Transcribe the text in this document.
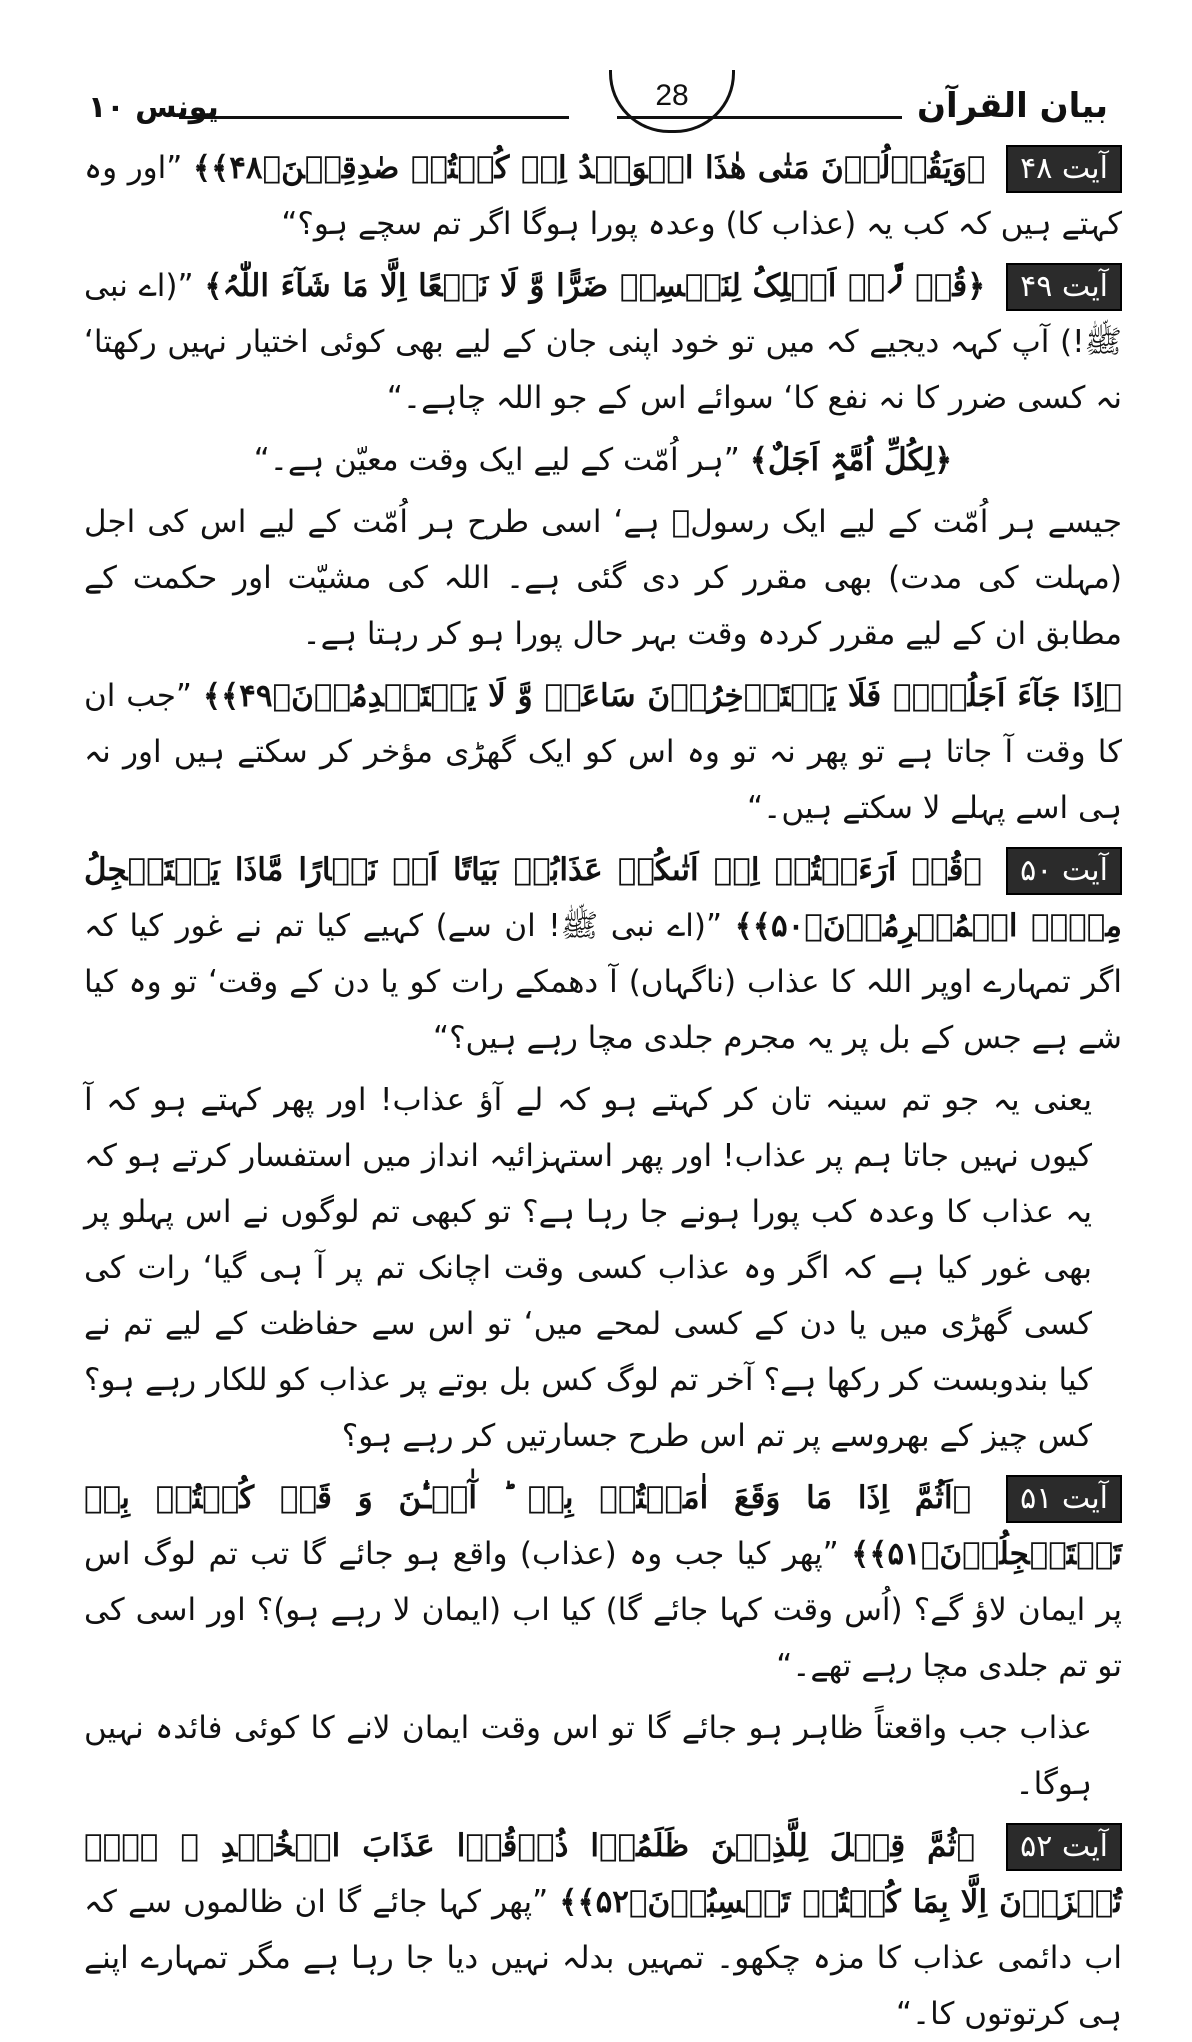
بیان القرآن
28
یونس ۱۰

آیت ۴۸ ﴿وَیَقُوۡلُوۡنَ مَتٰی ھٰذَا الۡوَعۡدُ اِنۡ کُنۡتُمۡ صٰدِقِیۡنَ﴿۴۸﴾﴾ ”اور وہ کہتے ہیں کہ کب یہ (عذاب کا) وعدہ پورا ہوگا اگر تم سچے ہو؟“

آیت ۴۹ ﴿قُلۡ لَّاۤ اَمۡلِکُ لِنَفۡسِیۡ ضَرًّا وَّ لَا نَفۡعًا اِلَّا مَا شَآءَ اللّٰہُ﴾ ”(اے نبی ﷺ!) آپ کہہ دیجیے کہ میں تو خود اپنی جان کے لیے بھی کوئی اختیار نہیں رکھتا‘ نہ کسی ضرر کا نہ نفع کا‘ سوائے اس کے جو اللہ چاہے۔“

﴿لِکُلِّ اُمَّۃٍ اَجَلٌ﴾ ”ہر اُمّت کے لیے ایک وقت معیّن ہے۔“

جیسے ہر اُمّت کے لیے ایک رسولؐ ہے‘ اسی طرح ہر اُمّت کے لیے اس کی اجل (مہلت کی مدت) بھی مقرر کر دی گئی ہے۔ اللہ کی مشیّت اور حکمت کے مطابق ان کے لیے مقرر کردہ وقت بہر حال پورا ہو کر رہتا ہے۔

﴿اِذَا جَآءَ اَجَلُہُمۡ فَلَا یَسۡتَاۡخِرُوۡنَ سَاعَۃً وَّ لَا یَسۡتَقۡدِمُوۡنَ﴿۴۹﴾﴾ ”جب ان کا وقت آ جاتا ہے تو پھر نہ تو وہ اس کو ایک گھڑی مؤخر کر سکتے ہیں اور نہ ہی اسے پہلے لا سکتے ہیں۔“

آیت ۵۰ ﴿قُلۡ اَرَءَیۡتُمۡ اِنۡ اَتٰىکُمۡ عَذَابُہٗ بَیَاتًا اَوۡ نَہَارًا مَّاذَا یَسۡتَعۡجِلُ مِنۡہُ الۡمُجۡرِمُوۡنَ﴿۵۰﴾﴾ ”(اے نبی ﷺ! ان سے) کہیے کیا تم نے غور کیا کہ اگر تمہارے اوپر اللہ کا عذاب (ناگہاں) آ دھمکے رات کو یا دن کے وقت‘ تو وہ کیا شے ہے جس کے بل پر یہ مجرم جلدی مچا رہے ہیں؟“

یعنی یہ جو تم سینہ تان کر کہتے ہو کہ لے آؤ عذاب! اور پھر کہتے ہو کہ آ کیوں نہیں جاتا ہم پر عذاب! اور پھر استہزائیہ انداز میں استفسار کرتے ہو کہ یہ عذاب کا وعدہ کب پورا ہونے جا رہا ہے؟ تو کبھی تم لوگوں نے اس پہلو پر بھی غور کیا ہے کہ اگر وہ عذاب کسی وقت اچانک تم پر آ ہی گیا‘ رات کی کسی گھڑی میں یا دن کے کسی لمحے میں‘ تو اس سے حفاظت کے لیے تم نے کیا بندوبست کر رکھا ہے؟ آخر تم لوگ کس بل بوتے پر عذاب کو للکار رہے ہو؟ کس چیز کے بھروسے پر تم اس طرح جسارتیں کر رہے ہو؟

آیت ۵۱ ﴿اَثُمَّ اِذَا مَا وَقَعَ اٰمَنۡتُمۡ بِہٖ ؕ آٰلۡـٰٔنَ وَ قَدۡ کُنۡتُمۡ بِہٖ تَسۡتَعۡجِلُوۡنَ﴿۵۱﴾﴾ ”پھر کیا جب وہ (عذاب) واقع ہو جائے گا تب تم لوگ اس پر ایمان لاؤ گے؟ (اُس وقت کہا جائے گا) کیا اب (ایمان لا رہے ہو)؟ اور اسی کی تو تم جلدی مچا رہے تھے۔“

عذاب جب واقعتاً ظاہر ہو جائے گا تو اس وقت ایمان لانے کا کوئی فائدہ نہیں ہوگا۔

آیت ۵۲ ﴿ثُمَّ قِیۡلَ لِلَّذِیۡنَ ظَلَمُوۡا ذُوۡقُوۡا عَذَابَ الۡخُلۡدِ ۚ ہَلۡ تُجۡزَوۡنَ اِلَّا بِمَا کُنۡتُمۡ تَکۡسِبُوۡنَ﴿۵۲﴾﴾ ”پھر کہا جائے گا ان ظالموں سے کہ اب دائمی عذاب کا مزہ چکھو۔ تمہیں بدلہ نہیں دیا جا رہا ہے مگر تمہارے اپنے ہی کرتوتوں کا۔“
